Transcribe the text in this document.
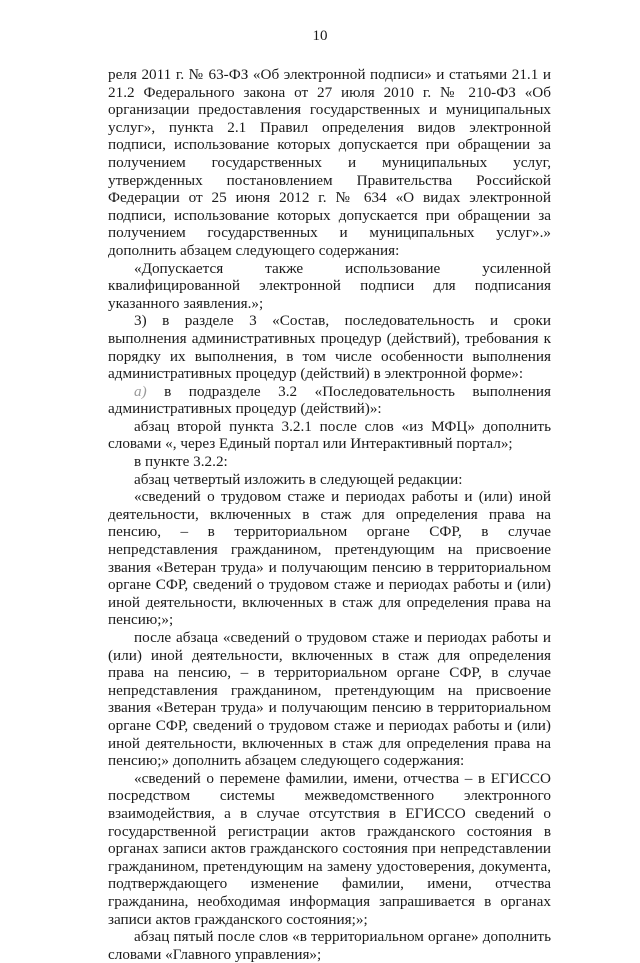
10

реля 2011 г. № 63-ФЗ «Об электронной подписи» и статьями 21.1 и 21.2 Федерального закона от 27 июля 2010 г. № 210-ФЗ «Об организации предоставления государственных и муниципальных услуг», пункта 2.1 Правил определения видов электронной подписи, использование которых допускается при обращении за получением государственных и муниципальных услуг, утвержденных постановлением Правительства Российской Федерации от 25 июня 2012 г. № 634 «О видах электронной подписи, использование которых допускается при обращении за получением государственных и муниципальных услуг».» дополнить абзацем следующего содержания:

«Допускается также использование усиленной квалифицированной электронной подписи для подписания указанного заявления.»;

3) в разделе 3 «Состав, последовательность и сроки выполнения административных процедур (действий), требования к порядку их выполнения, в том числе особенности выполнения административных процедур (действий) в электронной форме»:

а) в подразделе 3.2 «Последовательность выполнения административных процедур (действий)»:

абзац второй пункта 3.2.1 после слов «из МФЦ» дополнить словами «, через Единый портал или Интерактивный портал»;

в пункте 3.2.2:

абзац четвертый изложить в следующей редакции:

«сведений о трудовом стаже и периодах работы и (или) иной деятельности, включенных в стаж для определения права на пенсию, – в территориальном органе СФР, в случае непредставления гражданином, претендующим на присвоение звания «Ветеран труда» и получающим пенсию в территориальном органе СФР, сведений о трудовом стаже и периодах работы и (или) иной деятельности, включенных в стаж для определения права на пенсию;»;

после абзаца «сведений о трудовом стаже и периодах работы и (или) иной деятельности, включенных в стаж для определения права на пенсию, – в территориальном органе СФР, в случае непредставления гражданином, претендующим на присвоение звания «Ветеран труда» и получающим пенсию в территориальном органе СФР, сведений о трудовом стаже и периодах работы и (или) иной деятельности, включенных в стаж для определения права на пенсию;» дополнить абзацем следующего содержания:

«сведений о перемене фамилии, имени, отчества – в ЕГИССО посредством системы межведомственного электронного взаимодействия, а в случае отсутствия в ЕГИССО сведений о государственной регистрации актов гражданского состояния в органах записи актов гражданского состояния при непредставлении гражданином, претендующим на замену удостоверения, документа, подтверждающего изменение фамилии, имени, отчества гражданина, необходимая информация запрашивается в органах записи актов гражданского состояния;»;

абзац пятый после слов «в территориальном органе» дополнить словами «Главного управления»;
